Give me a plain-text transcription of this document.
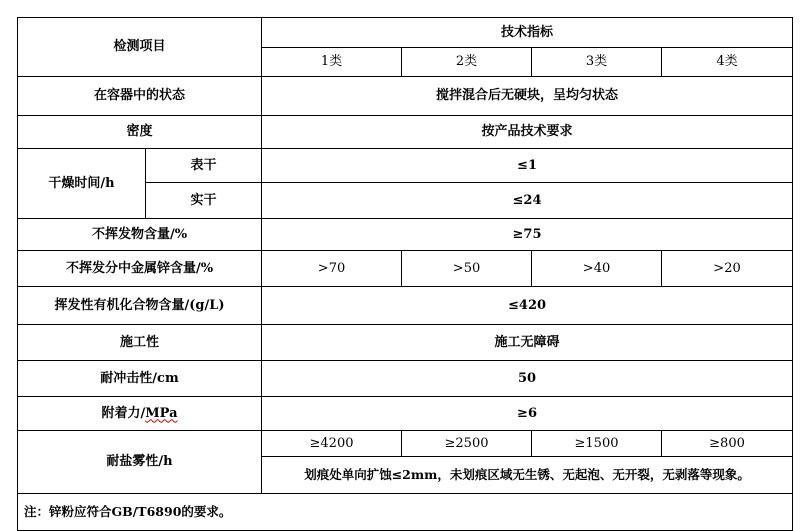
检测项目		技术指标			
		1类	2类	3类	4类
在容器中的状态		搅拌混合后无硬块，呈均匀状态			
密度		按产品技术要求			
干燥时间/h	表干	≤1			
	实干	≤24			
不挥发物含量/%		≥75			
不挥发分中金属锌含量/%		>70	>50	>40	>20
挥发性有机化合物含量/(g/L)		≤420			
施工性		施工无障碍			
耐冲击性/cm		50			
附着力/MPa		≥6			
耐盐雾性/h		≥4200	≥2500	≥1500	≥800
		划痕处单向扩蚀≤2mm，未划痕区域无生锈、无起泡、无开裂，无剥落等现象。			
注：锌粉应符合GB/T6890的要求。					
